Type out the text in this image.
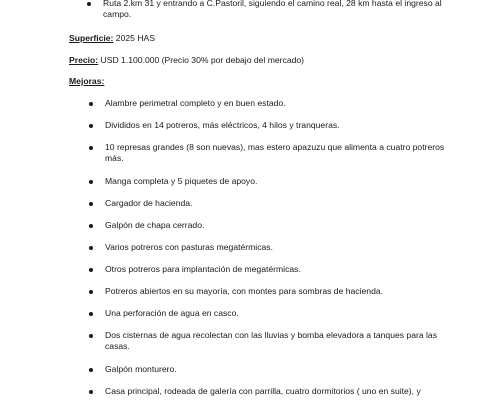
Ruta 2.km 31 y entrando a C.Pastoril, siguiendo el camino real, 28 km hasta el ingreso al campo.
Superficie: 2025 HAS
Precio: USD 1.100.000 (Precio 30% por debajo del mercado)
Mejoras:
Alambre perimetral completo y en buen estado.
Divididos en 14 potreros, más eléctricos, 4 hilos y tranqueras.
10 represas grandes (8 son nuevas), mas estero apazuzu que alimenta a cuatro potreros más.
Manga completa y 5 piquetes de apoyo.
Cargador de hacienda.
Galpón de chapa cerrado.
Varios potreros con pasturas megatérmicas.
Otros potreros para implantación de megatérmicas.
Potreros abiertos en su mayoría, con montes para sombras de hacienda.
Una perforación de agua en casco.
Dos cisternas de agua recolectan con las lluvias y bomba elevadora a tanques para las casas.
Galpón monturero.
Casa principal, rodeada de galería con parrilla, cuatro dormitorios ( uno en suite), y
